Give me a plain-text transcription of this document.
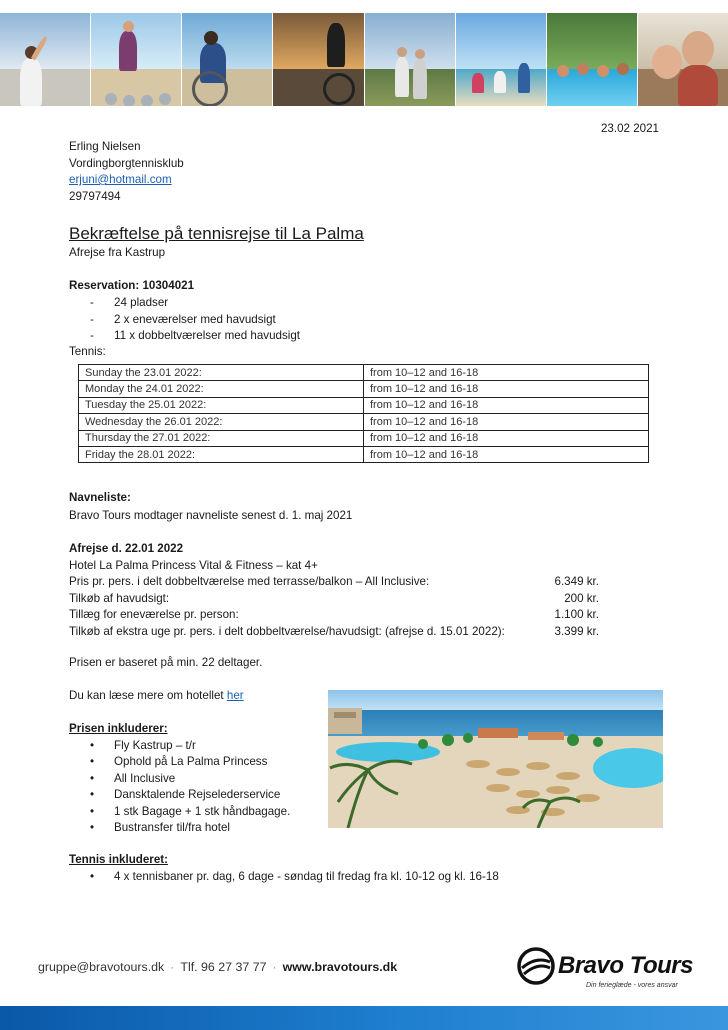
23.02 2021
Erling Nielsen
Vordingborgtennisklub
erjuni@hotmail.com
29797494
Bekræftelse på tennisrejse til La Palma
Afrejse fra Kastrup
Reservation: 10304021
- 24 pladser
- 2 x eneværelser med havudsigt
- 11 x dobbeltværelser med havudsigt
Tennis:
Sunday the 23.01 2022:	from 10–12 and 16-18
Monday the 24.01 2022:	from 10–12 and 16-18
Tuesday the 25.01 2022:	from 10–12 and 16-18
Wednesday the 26.01 2022:	from 10–12 and 16-18
Thursday the 27.01 2022:	from 10–12 and 16-18
Friday the 28.01 2022:	from 10–12 and 16-18
Navneliste:
Bravo Tours modtager navneliste senest d. 1. maj 2021
Afrejse d. 22.01 2022
Hotel La Palma Princess Vital & Fitness – kat 4+
Pris pr. pers. i delt dobbeltværelse med terrasse/balkon – All Inclusive:	6.349 kr.
Tilkøb af havudsigt:	200 kr.
Tillæg for eneværelse pr. person:	1.100 kr.
Tilkøb af ekstra uge pr. pers. i delt dobbeltværelse/havudsigt: (afrejse d. 15.01 2022):	3.399 kr.
Prisen er baseret på min. 22 deltager.
Du kan læse mere om hotellet her
Prisen inkluderer:
• Fly Kastrup – t/r
• Ophold på La Palma Princess
• All Inclusive
• Dansktalende Rejselederservice
• 1 stk Bagage + 1 stk håndbagage.
• Bustransfer til/fra hotel
Tennis inkluderet:
• 4 x tennisbaner pr. dag, 6 dage - søndag til fredag fra kl. 10-12 og kl. 16-18
gruppe@bravotours.dk · Tlf. 96 27 37 77 · www.bravotours.dk	Bravo Tours
Din ferieglæde - vores ansvar
